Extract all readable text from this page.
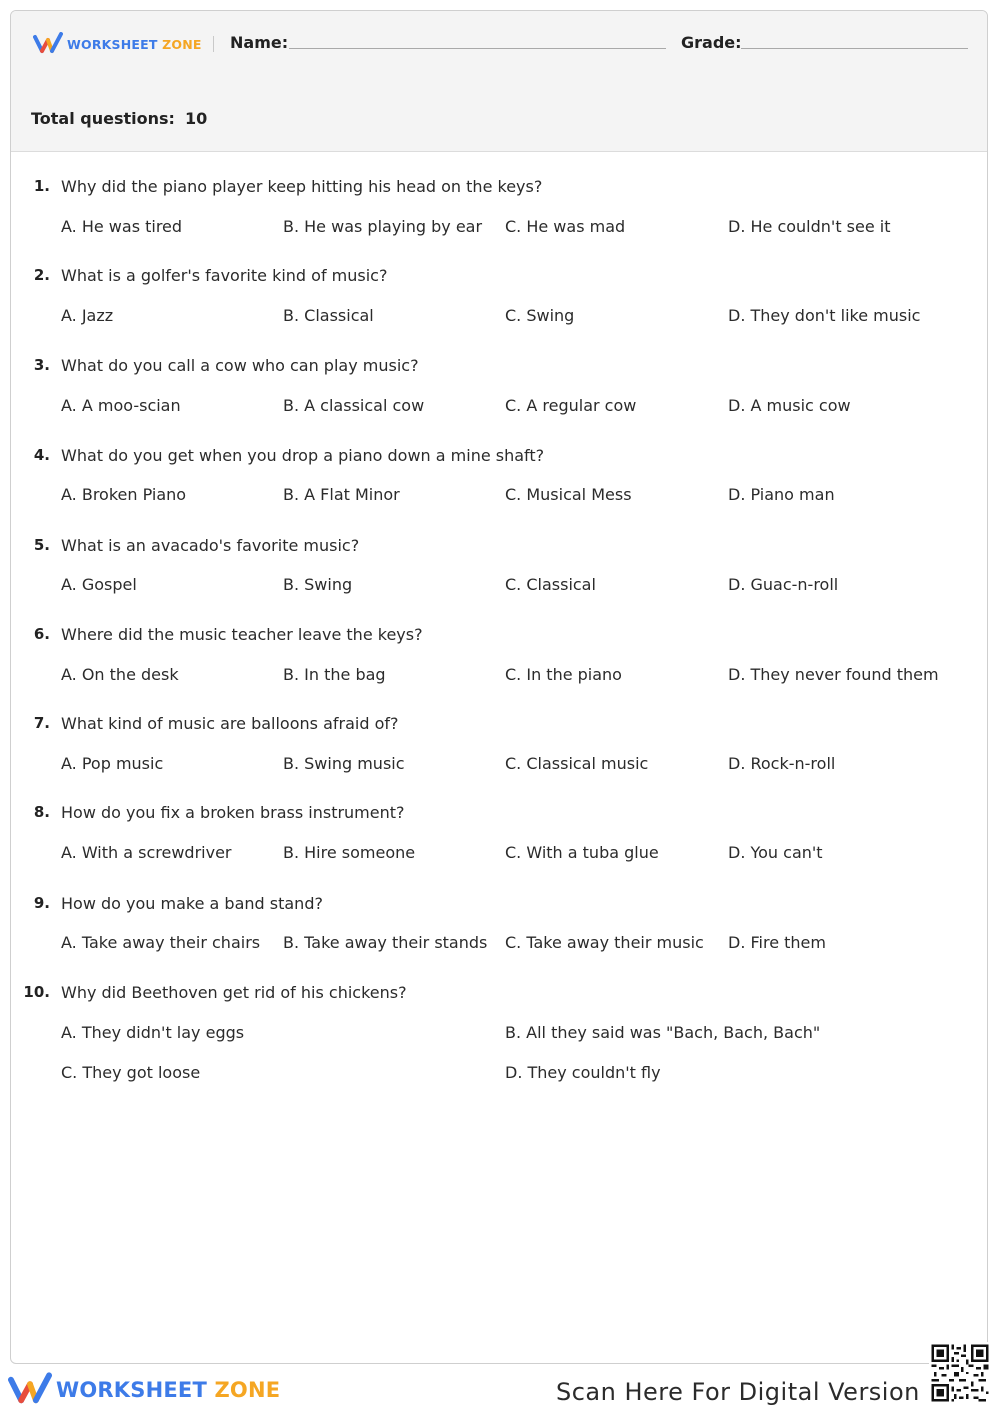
WORKSHEET ZONE Name:	Grade:
Total questions: 10
1. Why did the piano player keep hitting his head on the keys?
A. He was tired	B. He was playing by ear C. He was mad	D. He couldn't see it
2. What is a golfer's favorite kind of music?
A. Jazz	B. Classical	C. Swing	D. They don't like music
3. What do you call a cow who can play music?
A. A moo-scian	B. A classical cow	C. A regular cow	D. A music cow
4. What do you get when you drop a piano down a mine shaft?
A. Broken Piano	B. A Flat Minor	C. Musical Mess	D. Piano man
5. What is an avacado's favorite music?
A. Gospel	B. Swing	C. Classical	D. Guac-n-roll
6. Where did the music teacher leave the keys?
A. On the desk	B. In the bag	C. In the piano	D. They never found them
7. What kind of music are balloons afraid of?
A. Pop music	B. Swing music	C. Classical music	D. Rock-n-roll
8. How do you fix a broken brass instrument?
A. With a screwdriver	B. Hire someone	C. With a tuba glue	D. You can't
9. How do you make a band stand?
A. Take away their chairs B. Take away their stands C. Take away their music D. Fire them
10. Why did Beethoven get rid of his chickens?
A. They didn't lay eggs	B. All they said was "Bach, Bach, Bach"
C. They got loose	D. They couldn't fly
WORKSHEET ZONE	Scan Here For Digital Version
